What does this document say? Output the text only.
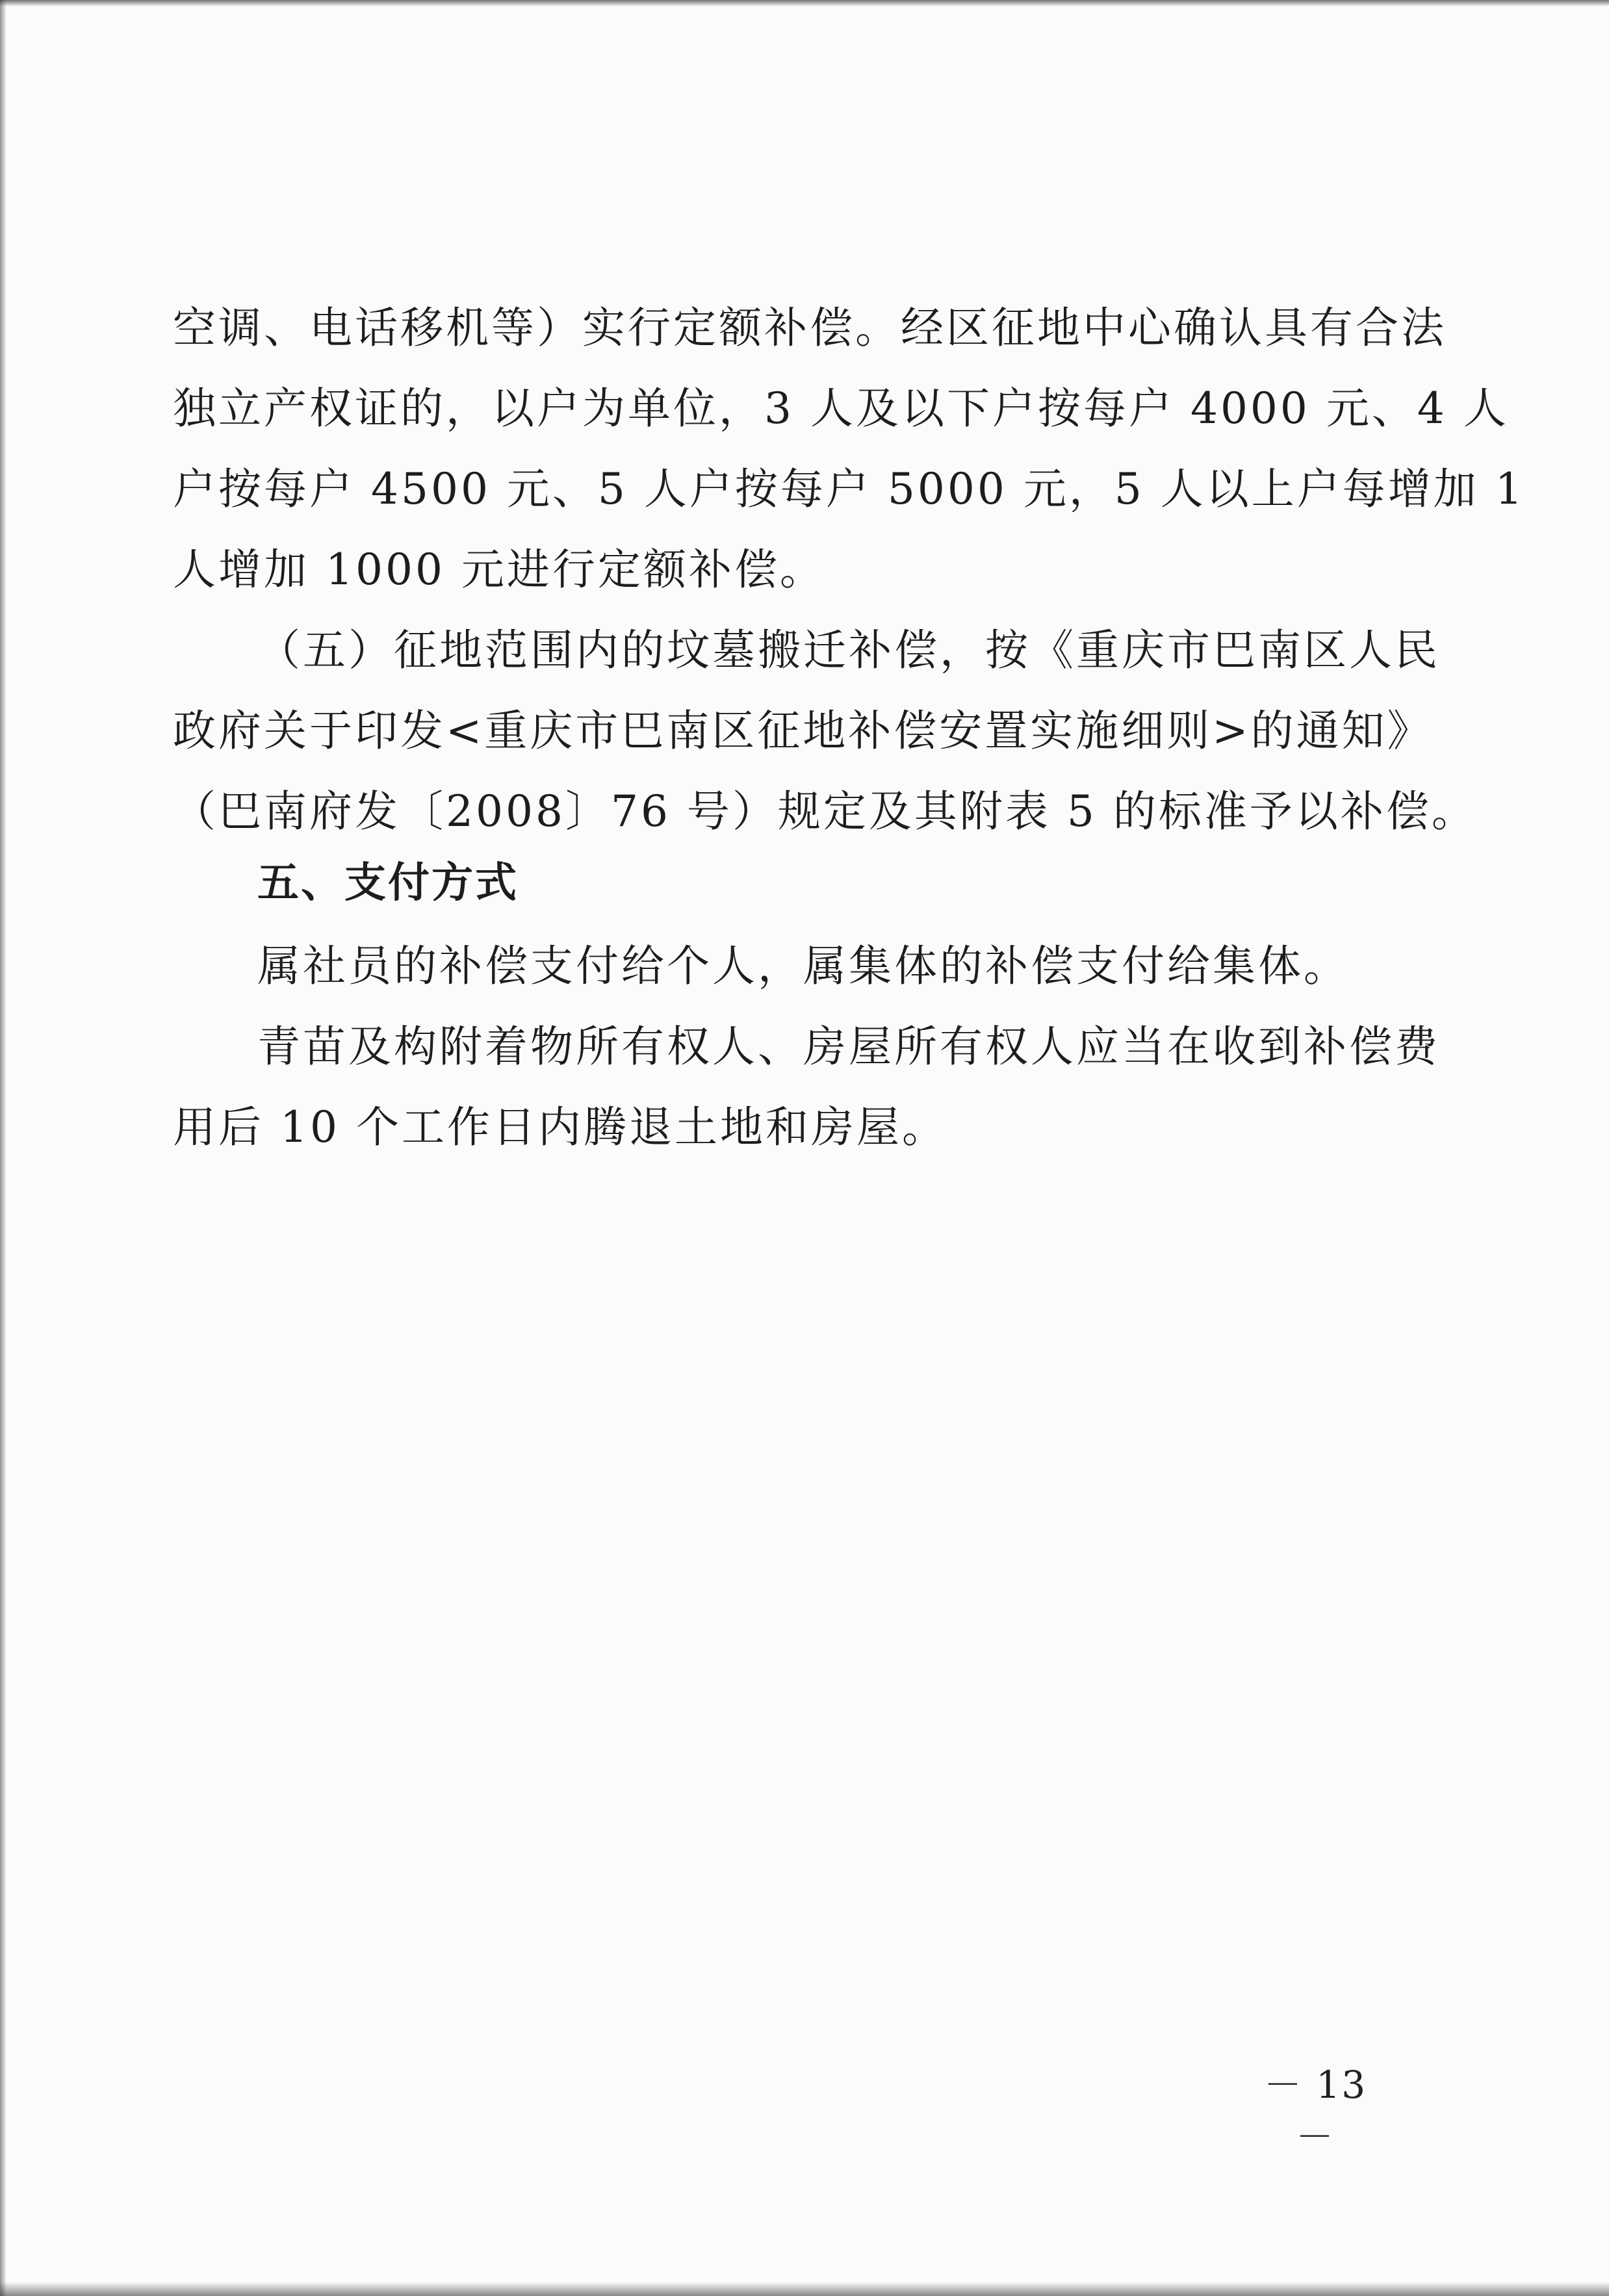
空调、电话移机等）实行定额补偿。经区征地中心确认具有合法
独立产权证的，以户为单位，3 人及以下户按每户 4000 元、4 人
户按每户 4500 元、5 人户按每户 5000 元，5 人以上户每增加 1
人增加 1000 元进行定额补偿。
（五）征地范围内的坟墓搬迁补偿，按《重庆市巴南区人民
政府关于印发<重庆市巴南区征地补偿安置实施细则>的通知》
（巴南府发〔2008〕76 号）规定及其附表 5 的标准予以补偿。
五、支付方式
属社员的补偿支付给个人，属集体的补偿支付给集体。
青苗及构附着物所有权人、房屋所有权人应当在收到补偿费
用后 10 个工作日内腾退土地和房屋。
－ 13 －
